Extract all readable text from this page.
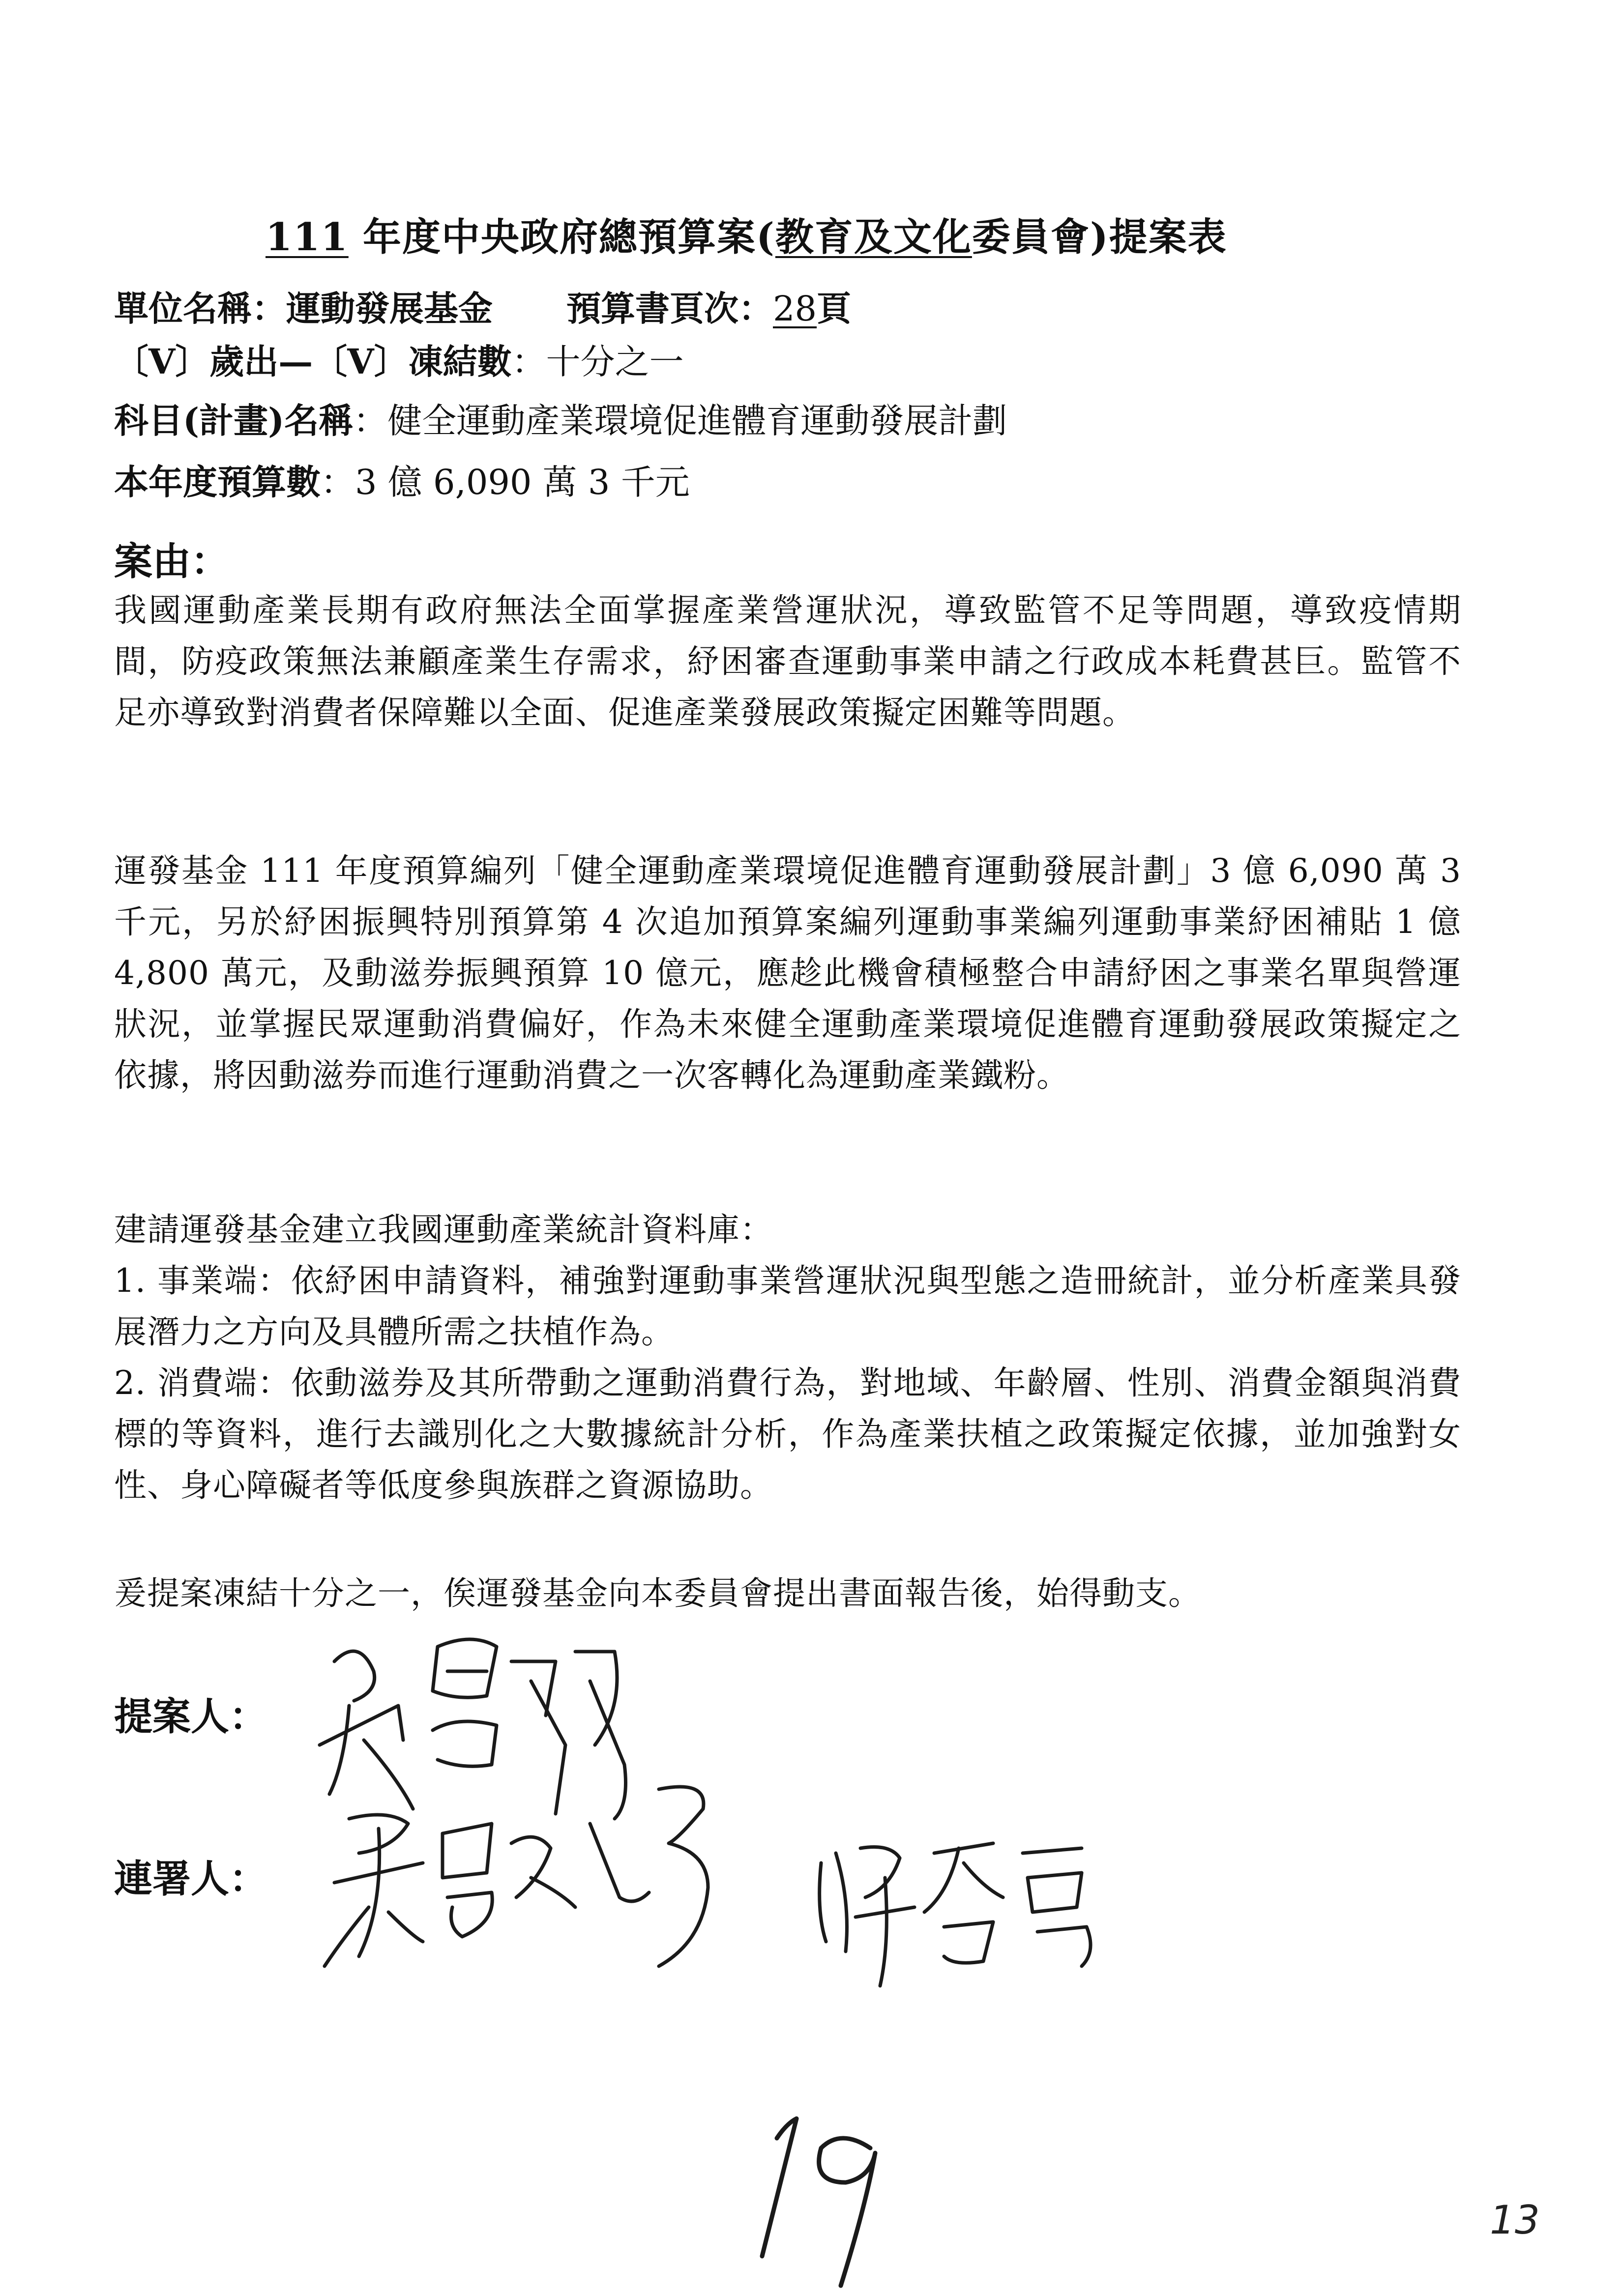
111 年度中央政府總預算案(教育及文化委員會)提案表
單位名稱：運動發展基金 預算書頁次：28頁
〔V〕歲出—〔V〕凍結數：十分之一
科目(計畫)名稱：健全運動產業環境促進體育運動發展計劃
本年度預算數：3 億 6,090 萬 3 千元
案由：
我國運動產業長期有政府無法全面掌握產業營運狀況，導致監管不足等問題，導致疫情期間，防疫政策無法兼顧產業生存需求，紓困審查運動事業申請之行政成本耗費甚巨。監管不足亦導致對消費者保障難以全面、促進產業發展政策擬定困難等問題。
運發基金 111 年度預算編列「健全運動產業環境促進體育運動發展計劃」3 億 6,090 萬 3 千元，另於紓困振興特別預算第 4 次追加預算案編列運動事業編列運動事業紓困補貼 1 億 4,800 萬元，及動滋券振興預算 10 億元，應趁此機會積極整合申請紓困之事業名單與營運狀況，並掌握民眾運動消費偏好，作為未來健全運動產業環境促進體育運動發展政策擬定之依據，將因動滋券而進行運動消費之一次客轉化為運動產業鐵粉。
建請運發基金建立我國運動產業統計資料庫：
1. 事業端：依紓困申請資料，補強對運動事業營運狀況與型態之造冊統計，並分析產業具發展潛力之方向及具體所需之扶植作為。
2. 消費端：依動滋券及其所帶動之運動消費行為，對地域、年齡層、性別、消費金額與消費標的等資料，進行去識別化之大數據統計分析，作為產業扶植之政策擬定依據，並加強對女性、身心障礙者等低度參與族群之資源協助。
爰提案凍結十分之一，俟運發基金向本委員會提出書面報告後，始得動支。
提案人：
連署人：
13
